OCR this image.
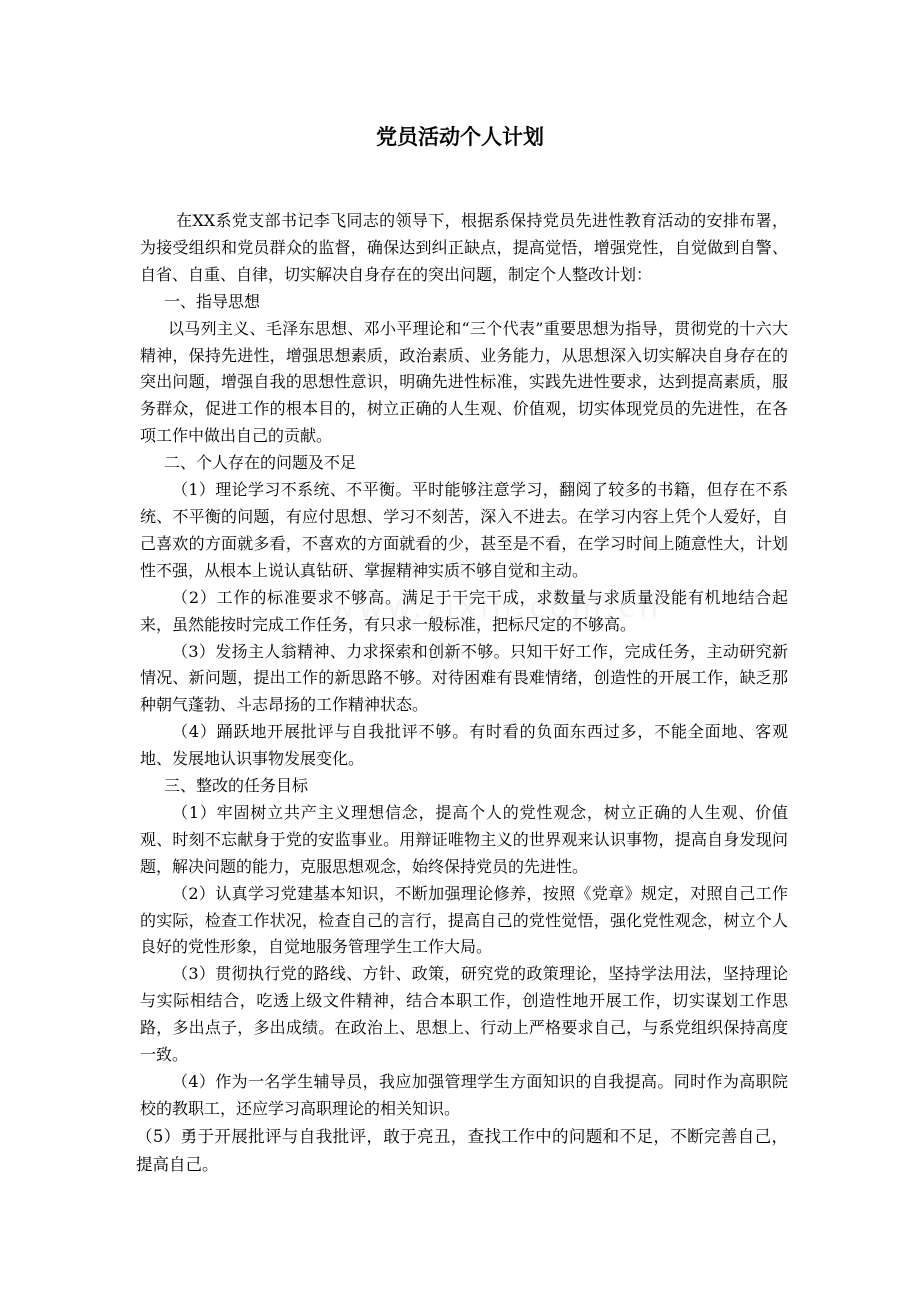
党员活动个人计划

在XX系党支部书记李飞同志的领导下，根据系保持党员先进性教育活动的安排布署，为接受组织和党员群众的监督，确保达到纠正缺点，提高觉悟，增强党性，自觉做到自警、自省、自重、自律，切实解决自身存在的突出问题，制定个人整改计划：

一、指导思想

以马列主义、毛泽东思想、邓小平理论和“三个代表”重要思想为指导，贯彻党的十六大精神，保持先进性，增强思想素质，政治素质、业务能力，从思想深入切实解决自身存在的突出问题，增强自我的思想性意识，明确先进性标准，实践先进性要求，达到提高素质，服务群众，促进工作的根本目的，树立正确的人生观、价值观，切实体现党员的先进性，在各项工作中做出自己的贡献。

二、个人存在的问题及不足

（1）理论学习不系统、不平衡。平时能够注意学习，翻阅了较多的书籍，但存在不系统、不平衡的问题，有应付思想、学习不刻苦，深入不进去。在学习内容上凭个人爱好，自己喜欢的方面就多看，不喜欢的方面就看的少，甚至是不看，在学习时间上随意性大，计划性不强，从根本上说认真钻研、掌握精神实质不够自觉和主动。

（2）工作的标准要求不够高。满足于干完干成，求数量与求质量没能有机地结合起来，虽然能按时完成工作任务，有只求一般标准，把标尺定的不够高。

（3）发扬主人翁精神、力求探索和创新不够。只知干好工作，完成任务，主动研究新情况、新问题，提出工作的新思路不够。对待困难有畏难情绪，创造性的开展工作，缺乏那种朝气蓬勃、斗志昂扬的工作精神状态。

（4）踊跃地开展批评与自我批评不够。有时看的负面东西过多，不能全面地、客观地、发展地认识事物发展变化。

三、整改的任务目标

（1）牢固树立共产主义理想信念，提高个人的党性观念，树立正确的人生观、价值观、时刻不忘献身于党的安监事业。用辩证唯物主义的世界观来认识事物，提高自身发现问题，解决问题的能力，克服思想观念，始终保持党员的先进性。

（2）认真学习党建基本知识，不断加强理论修养，按照《党章》规定，对照自己工作的实际，检查工作状况，检查自己的言行，提高自己的党性觉悟，强化党性观念，树立个人良好的党性形象，自觉地服务管理学生工作大局。

（3）贯彻执行党的路线、方针、政策，研究党的政策理论，坚持学法用法，坚持理论与实际相结合，吃透上级文件精神，结合本职工作，创造性地开展工作，切实谋划工作思路，多出点子，多出成绩。在政治上、思想上、行动上严格要求自己，与系党组织保持高度一致。

（4）作为一名学生辅导员，我应加强管理学生方面知识的自我提高。同时作为高职院校的教职工，还应学习高职理论的相关知识。

（5）勇于开展批评与自我批评，敢于亮丑，查找工作中的问题和不足，不断完善自己，提高自己。
